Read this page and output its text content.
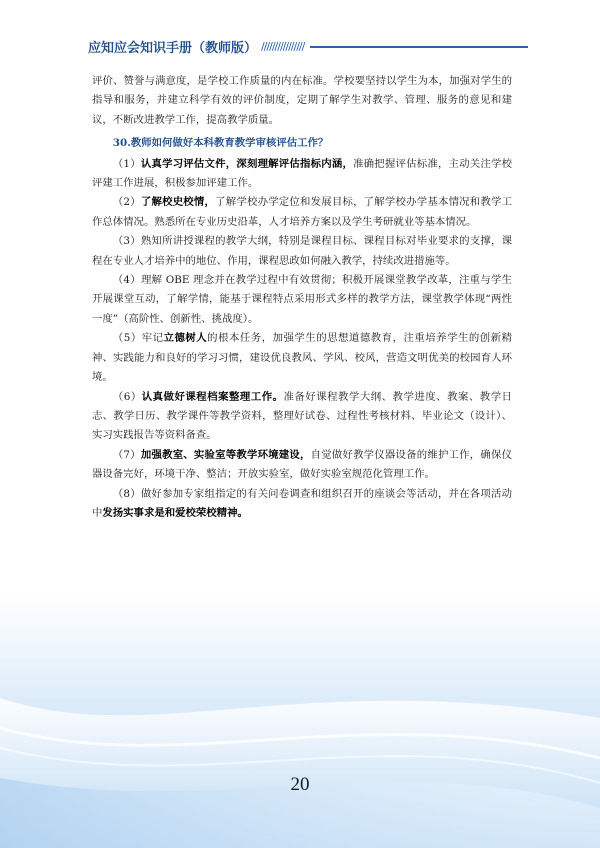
应知应会知识手册（教师版） ////////////////

评价、赞誉与满意度，是学校工作质量的内在标准。学校要坚持以学生为本，加强对学生的指导和服务，并建立科学有效的评价制度，定期了解学生对教学、管理、服务的意见和建议，不断改进教学工作，提高教学质量。

30.教师如何做好本科教育教学审核评估工作？

（1）认真学习评估文件，深刻理解评估指标内涵，准确把握评估标准，主动关注学校评建工作进展，积极参加评建工作。

（2）了解校史校情，了解学校办学定位和发展目标，了解学校办学基本情况和教学工作总体情况。熟悉所在专业历史沿革，人才培养方案以及学生考研就业等基本情况。

（3）熟知所讲授课程的教学大纲，特别是课程目标、课程目标对毕业要求的支撑，课程在专业人才培养中的地位、作用，课程思政如何融入教学，持续改进措施等。

（4）理解 OBE 理念并在教学过程中有效贯彻；积极开展课堂教学改革，注重与学生开展课堂互动，了解学情，能基于课程特点采用形式多样的教学方法，课堂教学体现“两性一度”（高阶性、创新性、挑战度）。

（5）牢记立德树人的根本任务，加强学生的思想道德教育，注重培养学生的创新精神、实践能力和良好的学习习惯，建设优良教风、学风、校风，营造文明优美的校园育人环境。

（6）认真做好课程档案整理工作。准备好课程教学大纲、教学进度、教案、教学日志、教学日历、教学课件等教学资料，整理好试卷、过程性考核材料、毕业论文（设计）、实习实践报告等资料备查。

（7）加强教室、实验室等教学环境建设，自觉做好教学仪器设备的维护工作，确保仪器设备完好，环境干净、整洁；开放实验室，做好实验室规范化管理工作。

（8）做好参加专家组指定的有关问卷调查和组织召开的座谈会等活动，并在各项活动中发扬实事求是和爱校荣校精神。

20
